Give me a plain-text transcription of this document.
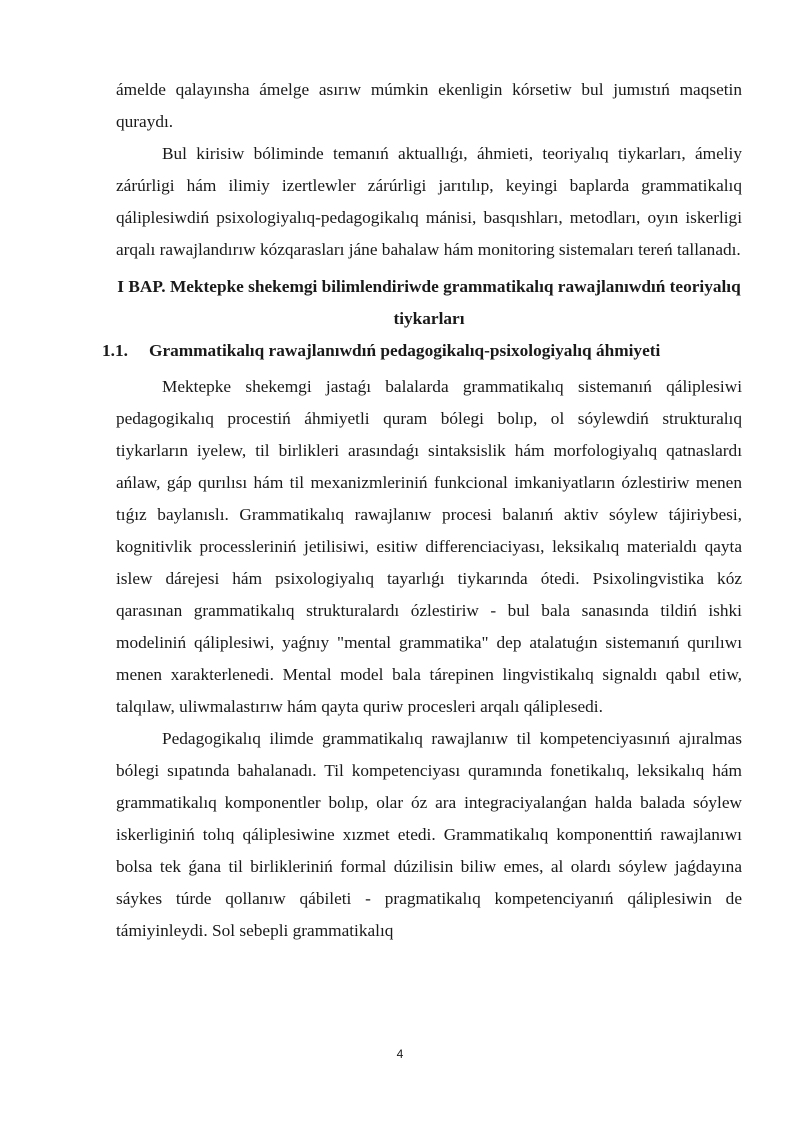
ámelde qalayınsha ámelge asırıw múmkin ekenligin kórsetiw bul jumıstıń maqsetin quraydı.

Bul kirisiw bóliminde temanıń aktuallıǵı, áhmieti, teoriyalıq tiykarları, ámeliy zárúrligi hám ilimiy izertlewler zárúrligi jarıtılıp, keyingi baplarda grammatikalıq qáliplesiwdiń psixologiyalıq-pedagogikalıq mánisi, basqıshları, metodları, oyın iskerligi arqalı rawajlandırıw kózqarasları jáne bahalaw hám monitoring sistemaları tereń tallanadı.

I BAP. Mektepke shekemgi bilimlendiriwde grammatikalıq rawajlanıwdıń teoriyalıq tiykarları
1.1. Grammatikalıq rawajlanıwdıń pedagogikalıq-psixologiyalıq áhmiyeti

Mektepke shekemgi jastaǵı balalarda grammatikalıq sistemanıń qáliplesiwi pedagogikalıq procestiń áhmiyetli quram bólegi bolıp, ol sóylewdiń strukturalıq tiykarların iyelew, til birlikleri arasındaǵı sintaksislik hám morfologiyalıq qatnaslardı ańlaw, gáp qurılısı hám til mexanizmleriniń funkcional imkaniyatların ózlestiriw menen tıǵız baylanıslı. Grammatikalıq rawajlanıw procesi balanıń aktiv sóylew tájiriybesi, kognitivlik processleriniń jetilisiwi, esitiw differenciaciyası, leksikalıq materialdı qayta islew dárejesi hám psixologiyalıq tayarlıǵı tiykarında ótedi. Psixolingvistika kóz qarasınan grammatikalıq strukturalardı ózlestiriw - bul bala sanasında tildiń ishki modeliniń qáliplesiwi, yaǵnıy "mental grammatika" dep atalatuǵın sistemanıń qurılıwı menen xarakterlenedi. Mental model bala tárepinen lingvistikalıq signaldı qabıl etiw, talqılaw, uliwmalastırıw hám qayta quriw procesleri arqalı qáliplesedi.

Pedagogikalıq ilimde grammatikalıq rawajlanıw til kompetenciyasınıń ajıralmas bólegi sıpatında bahalanadı. Til kompetenciyası quramında fonetikalıq, leksikalıq hám grammatikalıq komponentler bolıp, olar óz ara integraciyalanǵan halda balada sóylew iskerliginiń tolıq qáliplesiwine xızmet etedi. Grammatikalıq komponenttiń rawajlanıwı bolsa tek ǵana til birlikleriniń formal dúzilisin biliw emes, al olardı sóylew jaǵdayına sáykes túrde qollanıw qábileti - pragmatikalıq kompetenciyanıń qáliplesiwin de támiyinleydi. Sol sebepli grammatikalıq

4
